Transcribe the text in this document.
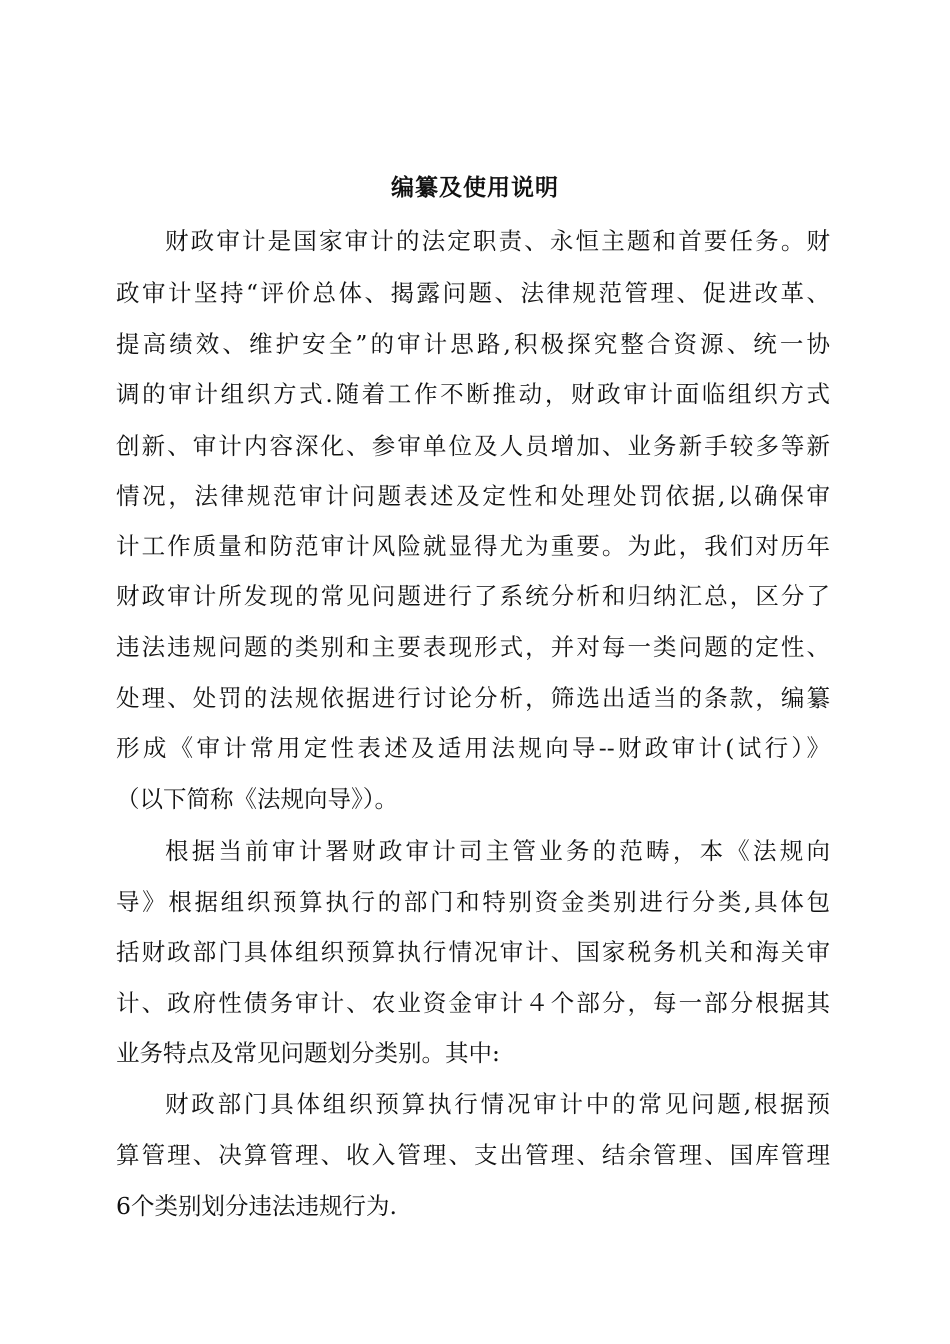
编纂及使用说明
财政审计是国家审计的法定职责、永恒主题和首要任务。财
政审计坚持“评价总体、揭露问题、法律规范管理、促进改革、
提高绩效、维护安全”的审计思路,积极探究整合资源、统一协
调的审计组织方式.随着工作不断推动，财政审计面临组织方式
创新、审计内容深化、参审单位及人员增加、业务新手较多等新
情况，法律规范审计问题表述及定性和处理处罚依据,以确保审
计工作质量和防范审计风险就显得尤为重要。为此，我们对历年
财政审计所发现的常见问题进行了系统分析和归纳汇总，区分了
违法违规问题的类别和主要表现形式，并对每一类问题的定性、
处理、处罚的法规依据进行讨论分析，筛选出适当的条款，编纂
形成《审计常用定性表述及适用法规向导--财政审计(试行）》
（以下简称《法规向导》）。
根据当前审计署财政审计司主管业务的范畴，本《法规向
导》根据组织预算执行的部门和特别资金类别进行分类,具体包
括财政部门具体组织预算执行情况审计、国家税务机关和海关审
计、政府性债务审计、农业资金审计４个部分，每一部分根据其
业务特点及常见问题划分类别。其中:
财政部门具体组织预算执行情况审计中的常见问题,根据预
算管理、决算管理、收入管理、支出管理、结余管理、国库管理
6个类别划分违法违规行为.
